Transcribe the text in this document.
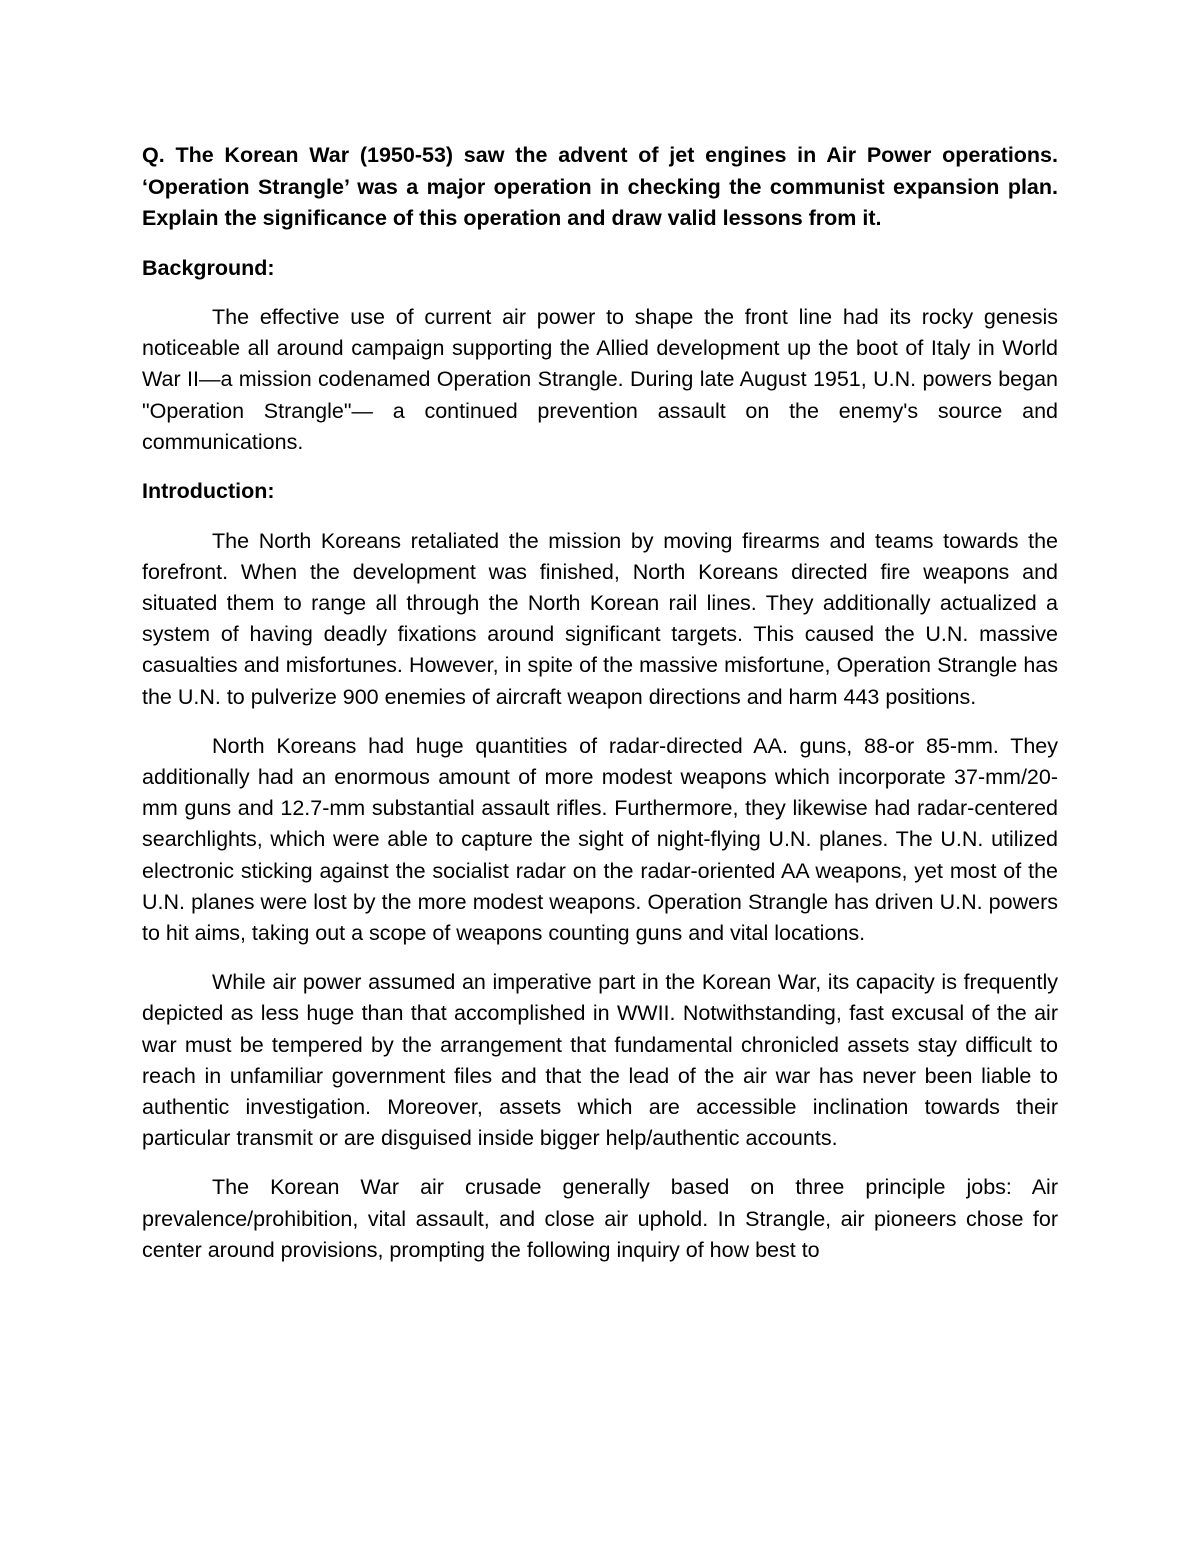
Q. The Korean War (1950-53) saw the advent of jet engines in Air Power operations. ‘Operation Strangle’ was a major operation in checking the communist expansion plan. Explain the significance of this operation and draw valid lessons from it.

Background:

The effective use of current air power to shape the front line had its rocky genesis noticeable all around campaign supporting the Allied development up the boot of Italy in World War II—a mission codenamed Operation Strangle. During late August 1951, U.N. powers began "Operation Strangle"— a continued prevention assault on the enemy's source and communications.

Introduction:

The North Koreans retaliated the mission by moving firearms and teams towards the forefront. When the development was finished, North Koreans directed fire weapons and situated them to range all through the North Korean rail lines. They additionally actualized a system of having deadly fixations around significant targets. This caused the U.N. massive casualties and misfortunes. However, in spite of the massive misfortune, Operation Strangle has the U.N. to pulverize 900 enemies of aircraft weapon directions and harm 443 positions.

North Koreans had huge quantities of radar-directed AA. guns, 88-or 85-mm. They additionally had an enormous amount of more modest weapons which incorporate 37-mm/20-mm guns and 12.7-mm substantial assault rifles. Furthermore, they likewise had radar-centered searchlights, which were able to capture the sight of night-flying U.N. planes. The U.N. utilized electronic sticking against the socialist radar on the radar-oriented AA weapons, yet most of the U.N. planes were lost by the more modest weapons. Operation Strangle has driven U.N. powers to hit aims, taking out a scope of weapons counting guns and vital locations.

While air power assumed an imperative part in the Korean War, its capacity is frequently depicted as less huge than that accomplished in WWII. Notwithstanding, fast excusal of the air war must be tempered by the arrangement that fundamental chronicled assets stay difficult to reach in unfamiliar government files and that the lead of the air war has never been liable to authentic investigation. Moreover, assets which are accessible inclination towards their particular transmit or are disguised inside bigger help/authentic accounts.

The Korean War air crusade generally based on three principle jobs: Air prevalence/prohibition, vital assault, and close air uphold. In Strangle, air pioneers chose for center around provisions, prompting the following inquiry of how best to
